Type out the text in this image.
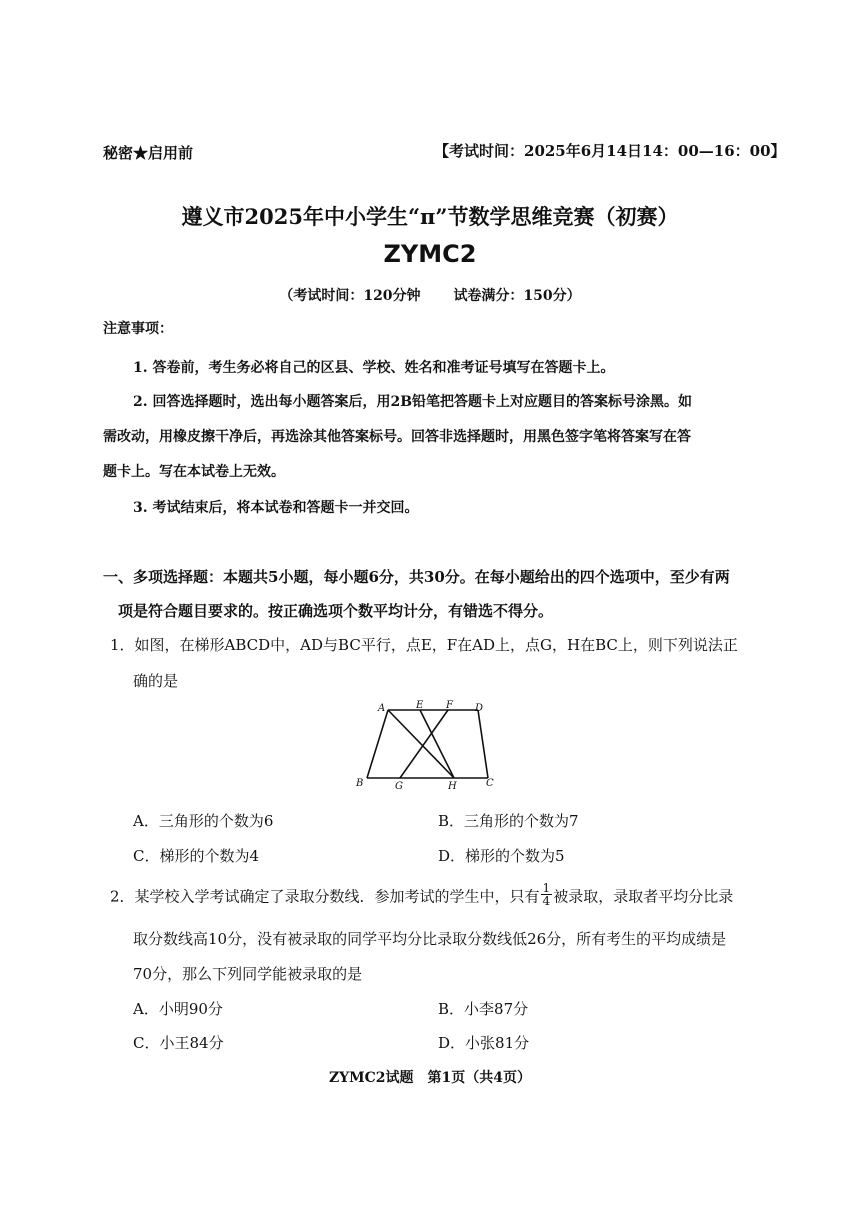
秘密★启用前	【考试时间：2025年6月14日14：00—16：00】
遵义市2025年中小学生“π”节数学思维竞赛（初赛）
ZYMC2
（考试时间：120分钟 试卷满分：150分）
注意事项：
1. 答卷前，考生务必将自己的区县、学校、姓名和准考证号填写在答题卡上。
2. 回答选择题时，选出每小题答案后，用2B铅笔把答题卡上对应题目的答案标号涂黑。如
需改动，用橡皮擦干净后，再选涂其他答案标号。回答非选择题时，用黑色签字笔将答案写在答
题卡上。写在本试卷上无效。
3. 考试结束后，将本试卷和答题卡一并交回。
一、多项选择题：本题共5小题，每小题6分，共30分。在每小题给出的四个选项中，至少有两
项是符合题目要求的。按正确选项个数平均计分，有错选不得分。
1．如图，在梯形ABCD中，AD与BC平行，点E，F在AD上，点G，H在BC上，则下列说法正
确的是
A	E F D
B	G	H	C
A．三角形的个数为6	B．三角形的个数为7
C．梯形的个数为4	D．梯形的个数为5
2．某学校入学考试确定了录取分数线．参加考试的学生中，只有 $\frac{1}{4}$ 被录取，录取者平均分比录
取分数线高10分，没有被录取的同学平均分比录取分数线低26分，所有考生的平均成绩是
70分，那么下列同学能被录取的是
A．小明90分	B．小李87分
C．小王84分	D．小张81分
ZYMC2试题　第1页（共4页）
